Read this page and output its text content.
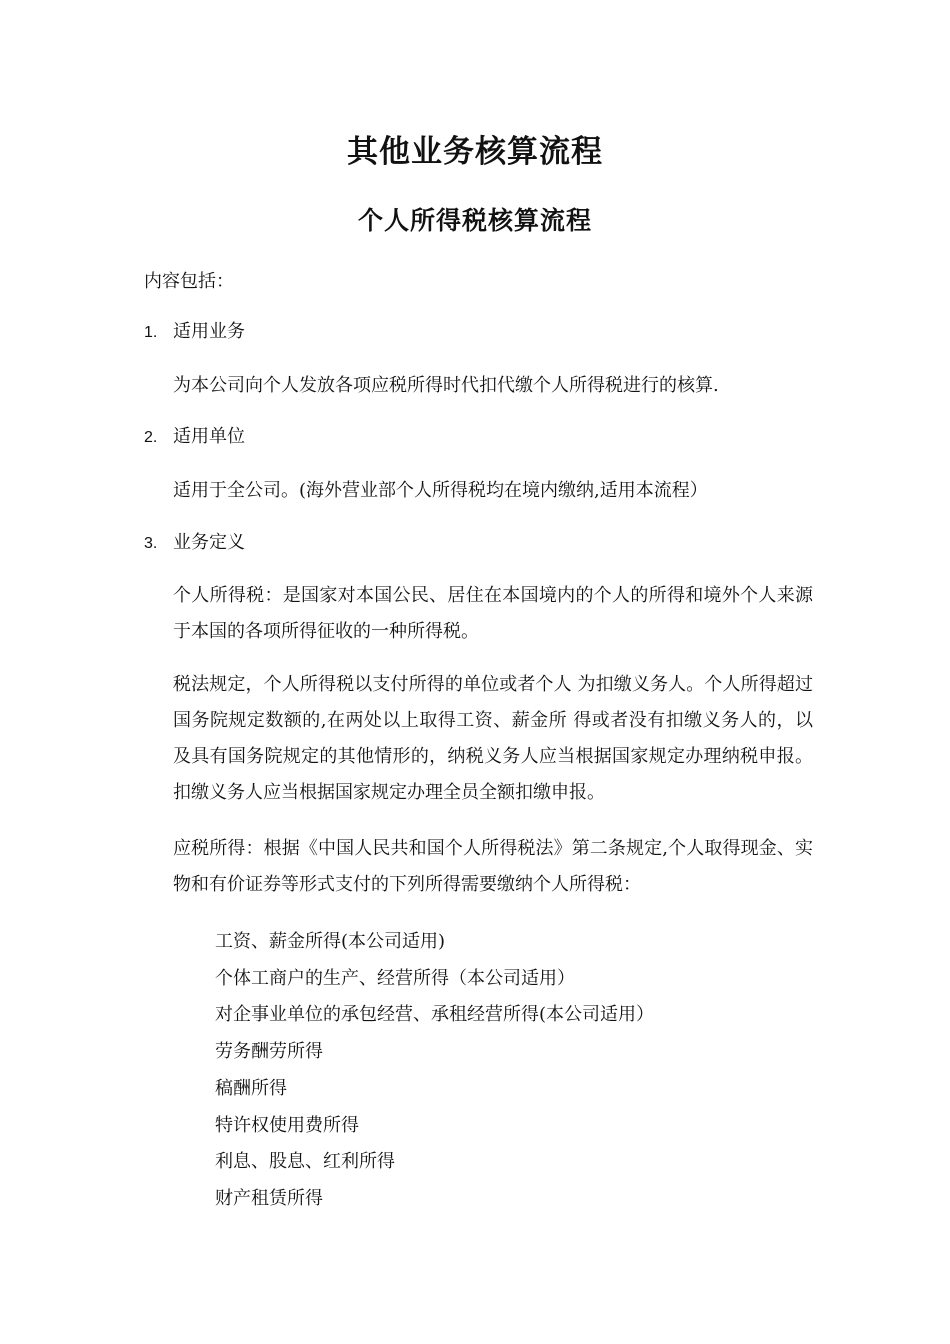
其他业务核算流程
个人所得税核算流程

内容包括：

1. 适用业务

为本公司向个人发放各项应税所得时代扣代缴个人所得税进行的核算.

2. 适用单位

适用于全公司。(海外营业部个人所得税均在境内缴纳,适用本流程）

3. 业务定义

个人所得税：是国家对本国公民、居住在本国境内的个人的所得和境外个人来源于本国的各项所得征收的一种所得税。

税法规定，个人所得税以支付所得的单位或者个人 为扣缴义务人。个人所得超过国务院规定数额的,在两处以上取得工资、薪金所 得或者没有扣缴义务人的，以及具有国务院规定的其他情形的，纳税义务人应当根据国家规定办理纳税申报。 扣缴义务人应当根据国家规定办理全员全额扣缴申报。

应税所得：根据《中国人民共和国个人所得税法》第二条规定,个人取得现金、实物和有价证券等形式支付的下列所得需要缴纳个人所得税：

工资、薪金所得(本公司适用)
个体工商户的生产、经营所得（本公司适用）
对企事业单位的承包经营、承租经营所得(本公司适用）
劳务酬劳所得
稿酬所得
特许权使用费所得
利息、股息、红利所得
财产租赁所得
